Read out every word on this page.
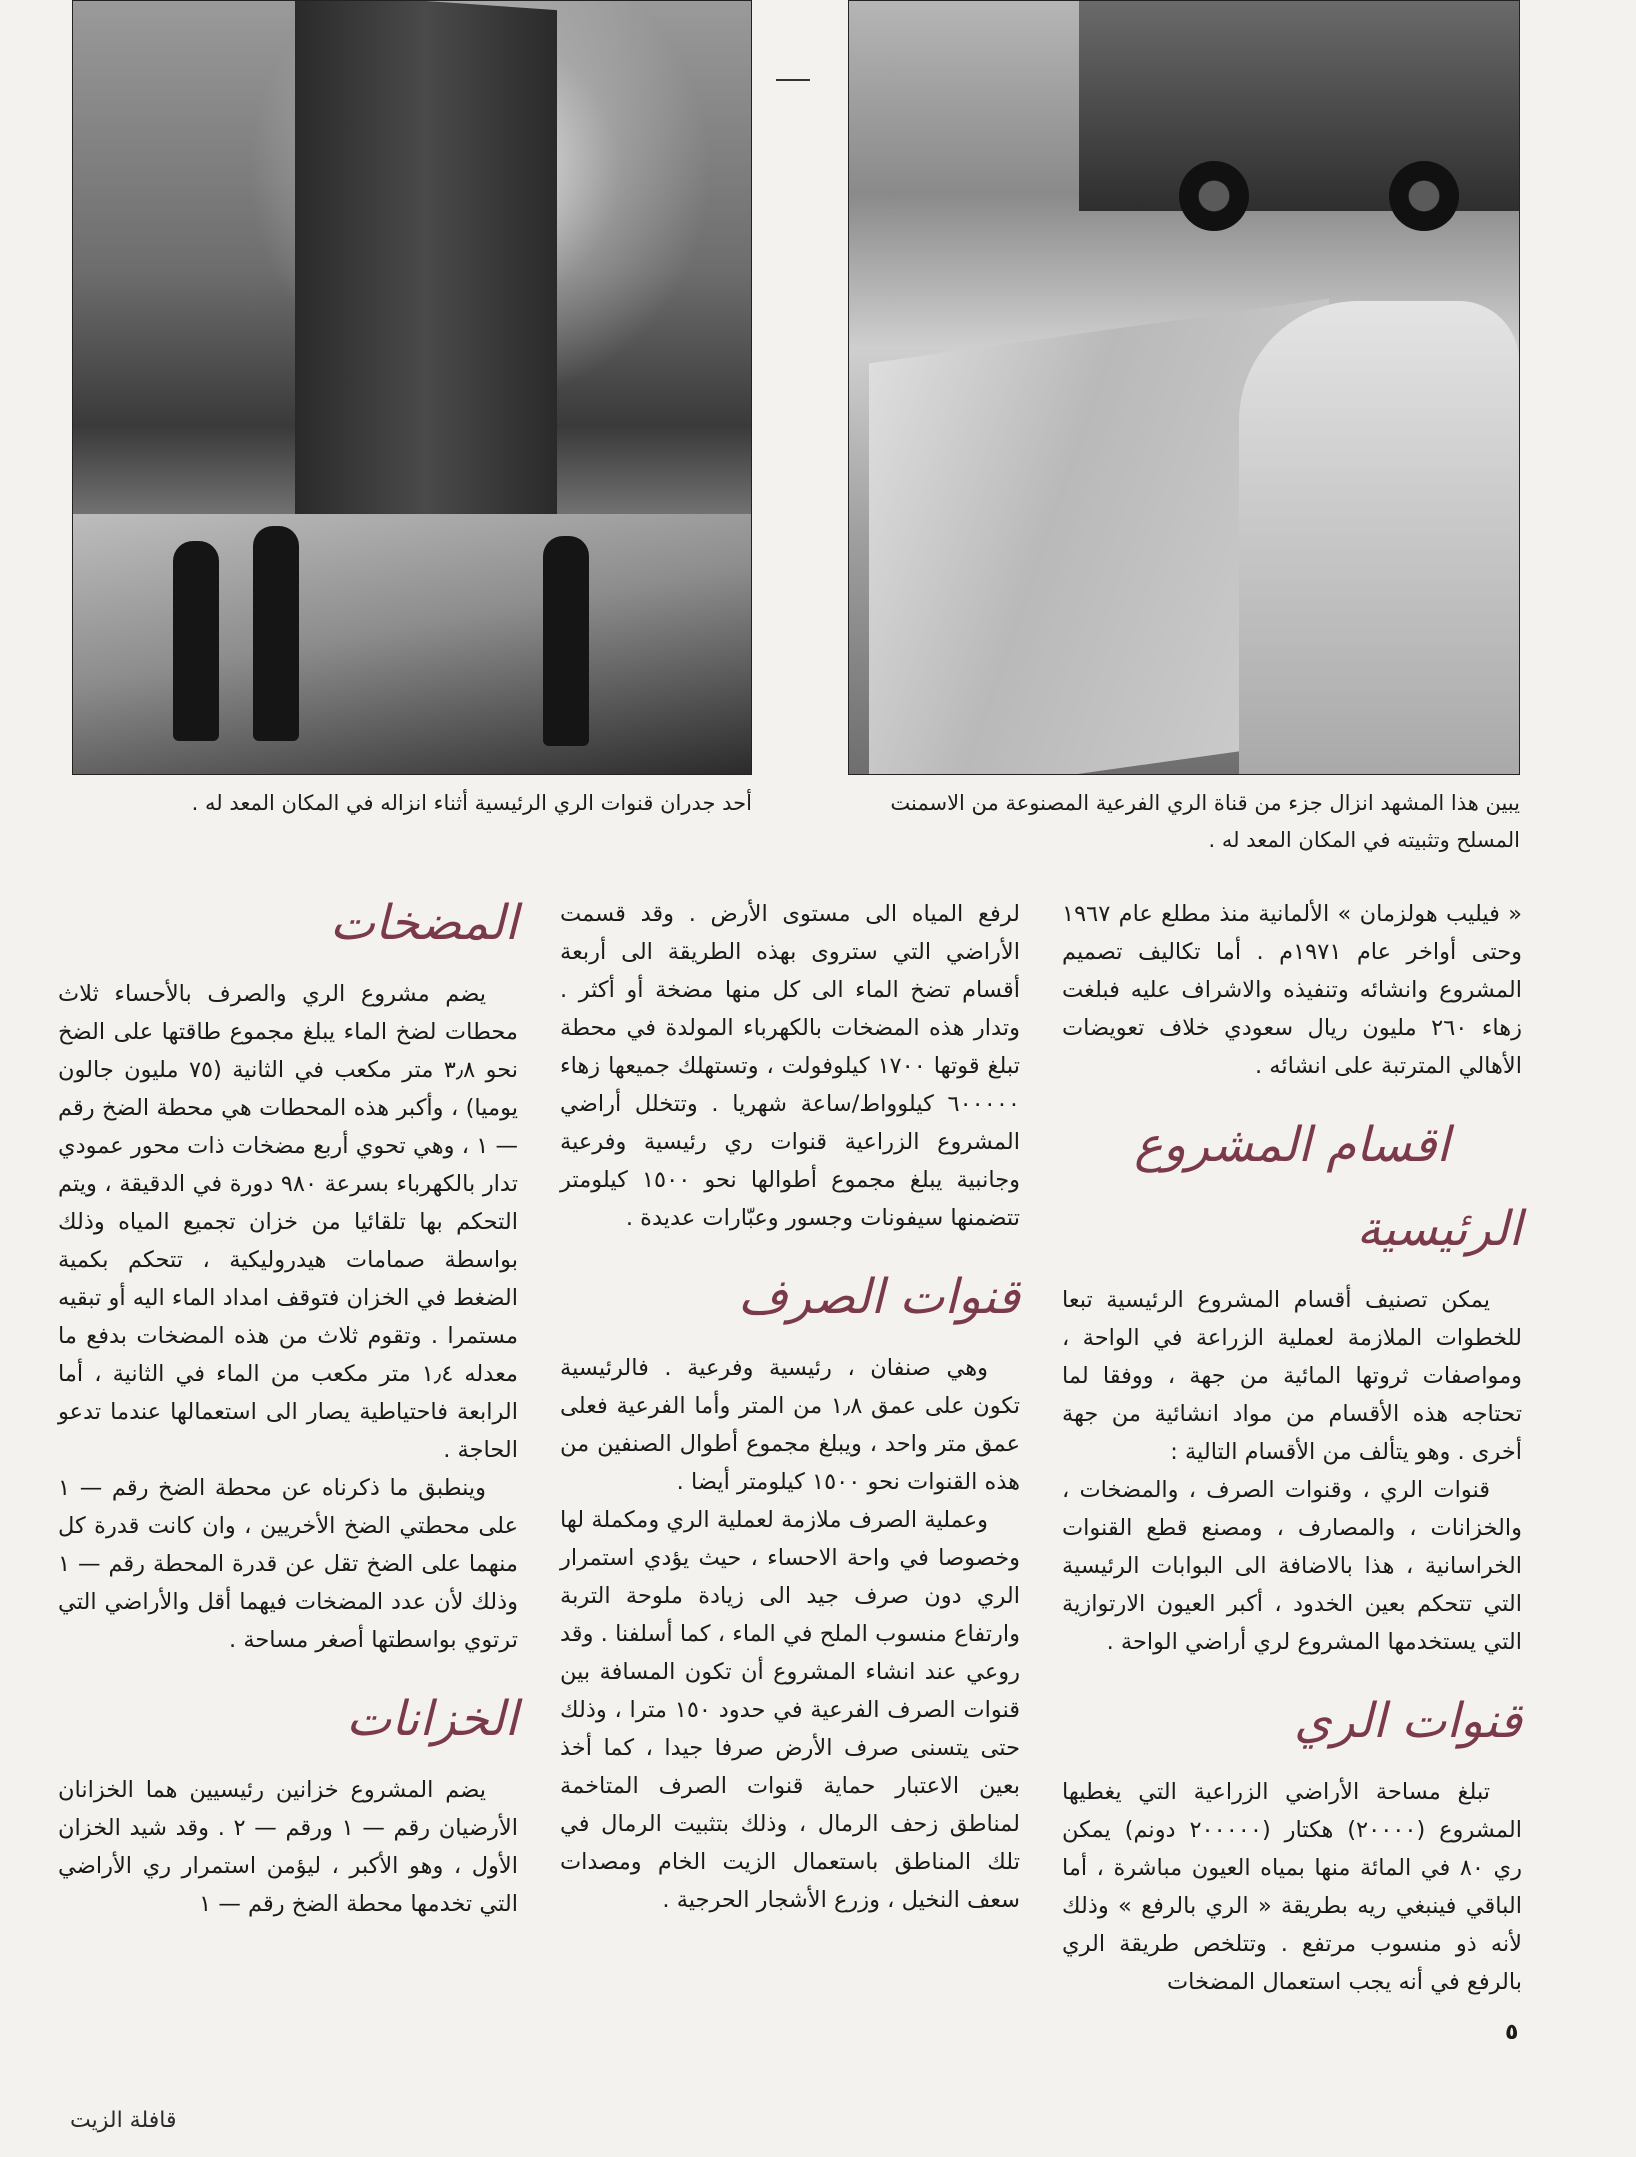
أحد جدران قنوات الري الرئيسية أثناء انزاله في المكان المعد له .	يبين هذا المشهد انزال جزء من قناة الري الفرعية المصنوعة من الاسمنت المسلح وتثبيته في المكان المعد له .

« فيليب هولزمان » الألمانية منذ مطلع عام ١٩٦٧ وحتى أواخر عام ١٩٧١م . أما تكاليف تصميم المشروع وانشائه وتنفيذه والاشراف عليه فبلغت زهاء ٢٦٠ مليون ريال سعودي خلاف تعويضات الأهالي المترتبة على انشائه .

اقسام المشروع الرئيسية

يمكن تصنيف أقسام المشروع الرئيسية تبعا للخطوات الملازمة لعملية الزراعة في الواحة ، ومواصفات ثروتها المائية من جهة ، ووفقا لما تحتاجه هذه الأقسام من مواد انشائية من جهة أخرى . وهو يتألف من الأقسام التالية :

قنوات الري ، وقنوات الصرف ، والمضخات ، والخزانات ، والمصارف ، ومصنع قطع القنوات الخراسانية ، هذا بالاضافة الى البوابات الرئيسية التي تتحكم بعين الخدود ، أكبر العيون الارتوازية التي يستخدمها المشروع لري أراضي الواحة .

قنوات الري

تبلغ مساحة الأراضي الزراعية التي يغطيها المشروع (٢٠٠٠٠) هكتار (٢٠٠٠٠٠ دونم) يمكن ري ٨٠ في المائة منها بمياه العيون مباشرة ، أما الباقي فينبغي ريه بطريقة « الري بالرفع » وذلك لأنه ذو منسوب مرتفع . وتتلخص طريقة الري بالرفع في أنه يجب استعمال المضخات

لرفع المياه الى مستوى الأرض . وقد قسمت الأراضي التي ستروى بهذه الطريقة الى أربعة أقسام تضخ الماء الى كل منها مضخة أو أكثر . وتدار هذه المضخات بالكهرباء المولدة في محطة تبلغ قوتها ١٧٠٠ كيلوفولت ، وتستهلك جميعها زهاء ٦٠٠٠٠٠ كيلوواط/ساعة شهريا . وتتخلل أراضي المشروع الزراعية قنوات ري رئيسية وفرعية وجانبية يبلغ مجموع أطوالها نحو ١٥٠٠ كيلومتر تتضمنها سيفونات وجسور وعبّارات عديدة .

قنوات الصرف

وهي صنفان ، رئيسية وفرعية . فالرئيسية تكون على عمق ١٫٨ من المتر وأما الفرعية فعلى عمق متر واحد ، ويبلغ مجموع أطوال الصنفين من هذه القنوات نحو ١٥٠٠ كيلومتر أيضا .

وعملية الصرف ملازمة لعملية الري ومكملة لها وخصوصا في واحة الاحساء ، حيث يؤدي استمرار الري دون صرف جيد الى زيادة ملوحة التربة وارتفاع منسوب الملح في الماء ، كما أسلفنا . وقد روعي عند انشاء المشروع أن تكون المسافة بين قنوات الصرف الفرعية في حدود ١٥٠ مترا ، وذلك حتى يتسنى صرف الأرض صرفا جيدا ، كما أخذ بعين الاعتبار حماية قنوات الصرف المتاخمة لمناطق زحف الرمال ، وذلك بتثبيت الرمال في تلك المناطق باستعمال الزيت الخام ومصدات سعف النخيل ، وزرع الأشجار الحرجية .

المضخات

يضم مشروع الري والصرف بالأحساء ثلاث محطات لضخ الماء يبلغ مجموع طاقتها على الضخ نحو ٣٫٨ متر مكعب في الثانية (٧٥ مليون جالون يوميا) ، وأكبر هذه المحطات هي محطة الضخ رقم — ١ ، وهي تحوي أربع مضخات ذات محور عمودي تدار بالكهرباء بسرعة ٩٨٠ دورة في الدقيقة ، ويتم التحكم بها تلقائيا من خزان تجميع المياه وذلك بواسطة صمامات هيدروليكية ، تتحكم بكمية الضغط في الخزان فتوقف امداد الماء اليه أو تبقيه مستمرا . وتقوم ثلاث من هذه المضخات بدفع ما معدله ١٫٤ متر مكعب من الماء في الثانية ، أما الرابعة فاحتياطية يصار الى استعمالها عندما تدعو الحاجة .

وينطبق ما ذكرناه عن محطة الضخ رقم — ١ على محطتي الضخ الأخريين ، وان كانت قدرة كل منهما على الضخ تقل عن قدرة المحطة رقم — ١ وذلك لأن عدد المضخات فيهما أقل والأراضي التي ترتوي بواسطتها أصغر مساحة .

الخزانات

يضم المشروع خزانين رئيسيين هما الخزانان الأرضيان رقم — ١ ورقم — ٢ . وقد شيد الخزان الأول ، وهو الأكبر ، ليؤمن استمرار ري الأراضي التي تخدمها محطة الضخ رقم — ١

٥
قافلة الزيت
